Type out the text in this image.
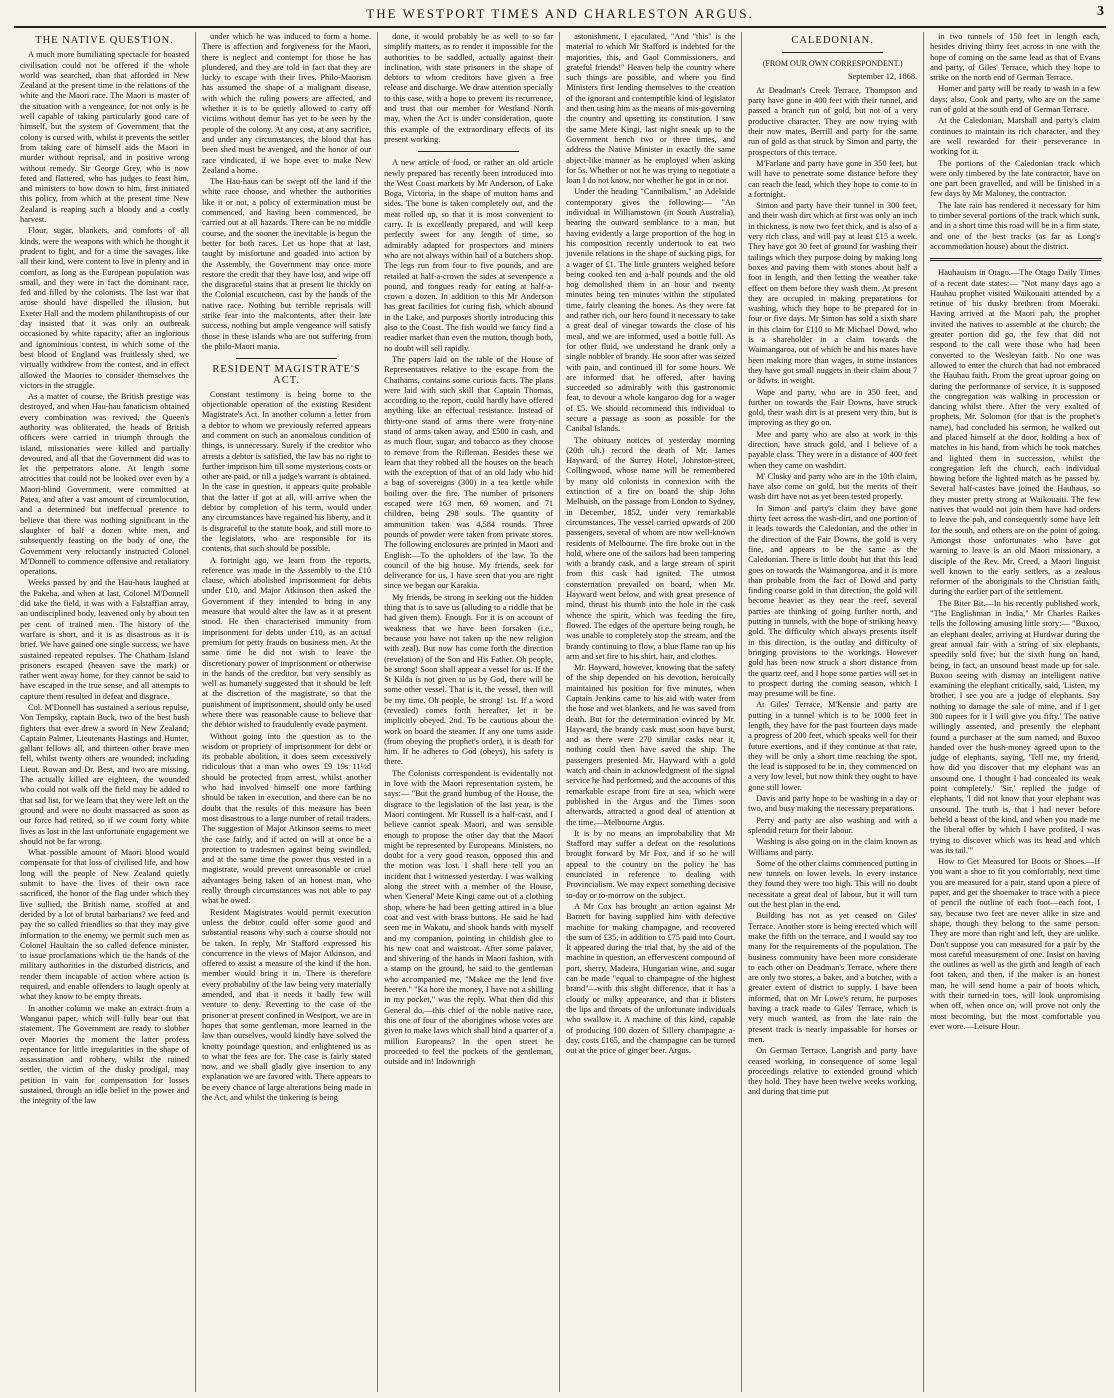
THE WESTPORT TIMES AND CHARLESTON ARGUS.	3
THE NATIVE QUESTION.

A much more humiliating spectacle for boasted civilisation could not be offered if the whole world was searched, than that afforded in New Zealand at the present time in the relations of the white and the Maori race. The Maori is master of the situation with a vengeance, for not only is he well capable of taking particularly good care of himself, but the system of Government that the colony is cursed with, whilst it prevents the settler from taking care of himself aids the Maori in murder without reprisal, and in positive wrong without remedy. Sir George Grey, who is now feted and flattered, who has judges to feast him, and ministers to bow down to him, first initiated this policy, from which at the present time New Zealand is reaping such a bloody and a costly harvest.

Flour, sugar, blankets, and comforts of all kinds, were the weapons with which he thought it prudent to fight, and for a time the savages, like all their kind, were content to live in plenty and in comfort, as long as the European population was small, and they were in fact the dominant race, fed and filled by the colonists. The last war that arose should have dispelled the illusion, but Exeter Hall and the modern philanthropists of our day insisted that it was only an outbreak occasioned by white rapacity; after an inglorious and ignominious contest, in which some of the best blood of England was fruitlessly shed, we virtually withdrew from the contest, and in effect allowed the Maories to consider themselves the victors in the struggle.

As a matter of course, the British prestige was destroyed, and when Hau-hau fanaticism obtained every combination was revived, the Queen's authority was obliterated, the heads of British officers were carried in triumph through the island, missionaries were killed and partially devoured, and all that the Government did was to let the perpetrators alone. At length some atrocities that could not be looked over even by a Maori-blind Government, were committed at Patea, and after a vast amount of circumlocution, and a determined but ineffectual pretence to believe that there was nothing significant in the slaughter of half a dozen white men, and subsequently feasting on the body of one, the Government very reluctantly instructed Colonel M'Donnell to commence offensive and retaliatory operations.

Weeks passed by and the Hau-haus laughed at the Pakeha, and when at last, Colonel M'Donnell did take the field, it was with a Falstaffian array, an undisciplined body, leavened only by about ten per cent. of trained men. The history of the warfare is short, and it is as disastrous as it is brief. We have gained one single success, we have sustained repeated repulses. The Chatham Island prisoners escaped (heaven save the mark) or rather went away home, for they cannot be said to have escaped in the true sense, and all attempts to capture them resulted in defeat and disgrace.

Col. M'Donnell has sustained a serious repulse, Von Tempsky, captain Buck, two of the best bush fighters that ever drew a sword in New Zealand; Captain Palmer, Lieutenants Hastings and Hunter, gallant fellows all, and thirteen other brave men fell, whilst twenty others are wounded; including Lieut. Rowan and Dr. Best, and two are missing. The actually killed are eighteen, the wounded who could not walk off the field may be added to that sad list, for we learn that they were left on the ground and were no doubt massacred as soon as our force had retired, so if we count forty white lives as lost in the last unfortunate engagement we should not be far wrong.

What possible amount of Maori blood would compensate for that loss of civilised life, and how long will the people of New Zealand quietly submit to have the lives of their own race sacrificed, the honor of the flag under which they live sullied, the British name, scoffed at and derided by a lot of brutal barbarians? we feed and pay the so called friendlies so that they may give information to the enemy, we permit such men as Colonel Haultain the so called defence minister, to issue proclamations which tie the hands of the military authorities in the disturbed districts, and render them incapable of action where action is required, and enable offenders to laugh openly at what they know to be empty threats.

In another column we make an extract from a Wanganui paper, which will fully bear out that statement. The Government are ready to slobber over Maories the moment the latter profess repentance for little irregularities in the shape of assassination and robbery, whilst the ruined settler, the victim of the dusky prodigal, may petition in vain for compensation for losses sustained, through an idle belief in the power and the integrity of the law

under which he was induced to form a home. There is affection and forgiveness for the Maori, there is neglect and contempt for those he has plundered, and they are told in fact that they are lucky to escape with their lives. Philo-Maorism has assumed the shape of a malignant disease, with which the ruling powers are affected, and whether it is to be quietly allowed to carry off victims without demur has yet to be seen by the people of the colony. At any cost, at any sacrifice, and under any circumstances, the blood that has been shed must be avenged, and the honor of our race vindicated, if we hope ever to make New Zealand a home.

The Hau-haus can be swept off the land if the white race choose, and whether the authorities like it or not, a policy of extermination must be commenced, and having been commenced, be carried out at all hazards. There can be no middle course, and the sooner the inevitable is begun the better for both races. Let us hope that at last, taught by misfortune and goaded into action by the Assembly, the Government may once more restore the credit that they have lost, and wipe off the disgraceful stains that at present lie thickly on the Colonial escutcheon, cast by the hands of the native race. Nothing but terrible reprisals will strike fear into the malcontents, after their late success, nothing but ample vengeance will satisfy those in these islands who are not suffering from the philo-Maori mania.

RESIDENT MAGISTRATE'S ACT.

Constant testimony is being borne to the objectionable operation of the existing Resident Magistrate's Act. In another column a letter from a debtor to whom we previously referred appears and comment on such an anomalous condition of things, is unnecessary. Surely if the creditor who arrests a debtor is satisfied, the law has no right to further imprison him till some mysterious costs or other are paid, or till a judge's warrant is obtained. In the case in question, it appears quite probable that the latter if got at all, will arrive when the debtor by completion of his term, would under any circumstances have regained his liberty, and it is disgraceful to the statute book, and still more to the legislators, who are responsible for its contents, that such should be possible.

A fortnight ago, we learn from the reports, reference was made in the Assembly to the £10 clause, which abolished imprisonment for debts under £10, and Major Atkinson then asked the Government if they intended to bring in any measure that would alter the law as it at present stood. He then characterised immunity from imprisonment for debts under £10, as an actual premium for petty frauds on business men. At the same time he did not wish to leave the discretionary power of imprisonment or otherwise in the hands of the creditor, but very sensibly as well as humanely suggested that it should be left at the discretion of the magistrate, so that the punishment of imprisonment, should only be used where there was reasonable cause to believe that the debtor wished to fraudulently evade payment.

Without going into the question as to the wisdom or propriety of imprisonment for debt or its probable abolition, it does seem excessively ridiculous that a man who owes £9 19s 11½d should be protected from arrest, whilst another who had involved himself one more farthing should be taken in execution, and there can be no doubt that the results of this measure has been most disastrous to a large number of retail traders. The suggestion of Major Atkinson seems to meet the case fairly, and if acted on will at once be a protection to tradesmen against being swindled, and at the same time the power thus vested in a magistrate, would prevent unreasonable or cruel advantages being taken of an honest man, who really through circumstances was not able to pay what he owed.

Resident Magistrates would permit execution unless the debtor could offer some good and substantial reasons why such a course should not be taken. In reply, Mr Stafford expressed his concurrence in the views of Major Atkinson, and offered to assist a measure of the kind if the hon. member would bring it in. There is therefore every probability of the law being very materially amended, and that it needs it badly few will venture to deny. Reverting to the case of the prisoner at present confined in Westport, we are in hopes that some gentleman, more learned in the law than ourselves, would kindly have solved the knotty poundage question, and enlightened us as to what the fees are for. The case is fairly stated now, and we shall gladly give insertion to any explanation we are favored with. There appears to be every chance of large alterations being made in the Act, and whilst the tinkering is being

done, it would probably be as well to so far simplify matters, as to render it impossible for the authorities to be saddled, actually against their inclination, with state prisoners in the shape of debtors to whom creditors have given a free release and discharge. We draw attention specially to this case, with a hope to prevent its recurrence, and trust that our member for Westland North may, when the Act is under consideration, quote this example of the extraordinary effects of its present working.

A new article of food, or rather an old article newly prepared has recently been introduced into the West Coast markets by Mr Anderson, of Lake Boga, Victoria, in the shape of mutton hams and sides. The bone is taken completely out, and the meat rolled up, so that it is most convenient to carry. It is excellently prepared, and will keep perfectly sweet for any length of time, so admirably adapted for prospectors and miners who are not always within hail of a butchers shop. The legs run from four to five pounds, and are retailed at half-a-crown the sides at sevenpence a pound, and tongues ready for eating at half-a-crown a dozen. In addition to this Mr Anderson has great facilities for curing fish, which abound in the Lake, and purposes shortly introducing this also to the Coast. The fish would we fancy find a readier market than even the mutton, though both, no doubt will sell rapidly.

The papers laid on the table of the House of Representatives relative to the escape from the Chathams, contains some curious facts. The plans were laid with such skill that Captain Thomas, according to the report, could hardly have offered anything like an effectual resistance. Instead of thirty-one stand of arms there were froty-nine stand of arms taken away, and £500 in cash, and as much flour, sugar, and tobacco as they choose to remove from the Rifleman. Besides these we learn that they robbed all the houses on the beach with the exception of that of an old lady who hid a bag of sovereigns (300) in a tea kettle while boiling over the fire. The number of prisoners escaped were 163 men, 69 women, and 71 children, being 298 souls. The quantity of ammunition taken was 4,584 rounds. Three pounds of powder were taken from private stores. The following enclosures are printed in Maori and English:—To the upholders of the law. To the council of the big house. My friends, seek for deliverance for us, I have seen that you are right since we began our Karakia.

My friends, be strong in seeking out the hidden thing that is to save us (alluding to a riddle that he had given them). Enough. For it is on account of weakness that we have been forsaken (i.e., because you have not taken up the new religion with zeal). But now has come forth the direction (revelation) of the Son and His Father. Oh people, be strong! Soon shall appear a vessel for us. If the St Kilda is not given to us by God, there will be some other vessel. That is it, the vessel, then will be my time. Oh people, be strong! 1st. If a word (revealed) comes forth hereafter, let it be implicitly obeyed. 2nd. To be cautious about the work on board the steamer. If any one turns aside (from obeying the prophet's order), it is death for him. If he adheres to God (obeys), his safety is there.

The Colonists correspondent is evidentally not in love with the Maori representation system, he says:— "But the grand humbug of the House, the disgrace to the legislation of the last year, is the Maori contingent. Mr Russell is a half-cast, and I believe cannot speak Maori, and was sensible enough to propose the other day that the Maori might be represented by Europeans. Ministers, no doubt for a very good reason, opposed this and the motion was lost. I shall here tell you an incident that I witnessed yesterday. I was walking along the street with a member of the House, when 'General' Mete Kingi came out of a clothing shop, where he had been getting attired in a blue coat and vest with brass buttons. He said he had seen me in Wakatu, and shook hands with myself and my companion, pointing in childish glee to his new coat and waistcoat. After some palaver, and shivering of the hands in Maori fashion, with a stamp on the ground, he said to the gentleman who accompanied me, "Makee me the lend five heeren." "Ka hore the money, I have not a shilling in my pocket," was the reply. What then did this General do,—this chief of the noble native race, this one of four of the aborigines whose votes are given to make laws which shall bind a quarter of a million Europeans? In the open street he proceeded to feel the pockets of the gentleman, outside and in! Indownrigh

astonishment, I ejaculated, "And "this" is the material to which Mr Stafford is indebted for the majorities, this, and Gaol Commissioners, and grateful friends!" Heaven help the country where such things are possible, and where you find Ministers first lending themselves to the creation of the ignorant and contemptible kind of legislator and then using him as the means of mis-governing the country and upsetting its constitution. I saw the same Mete Kingi, last night sneak up to the Government bench two or three times, and address the Native Minister in exactly the same abject-like manner as he employed when asking for 5s. Whether or not he was trying to negotiate a loan I do not know, nor whether he got in or not.

Under the heading "Cannibalism," an Adelaide contemporary gives the following:— "An individual in Williamstown (in South Australia), bearing the outward semblance to a man, but having evidently a large proportion of the hog in his composition recently undertook to eat two juvenile relations in the shape of sucking pigs, for a wager of £1. The little grunters weighed before being cooked ten and a-half pounds and the old hog demolished them in an hour and twenty minutes being ten minutes within the stipulated time, fairly cleaning the bones. As they were fat and rather rich, our hero found it necessary to take a great deal of vinegar towards the close of his meal, and we are informed, used a bottle full. As for other fluid, we understand he drank only a single nobbler of brandy. He soon after was seized with pain, and continued ill for some hours. We are informed that he offered, after having succeeded so admirably with this gastronomic feat, to devour a whole kangaroo dog for a wager of £5. We should recommend this individual to secure a passage as soon as possible for the Canibal Islands.

The obituary notices of yesterday morning (20th ult.) record the death of Mr. James Hayward, of the Surrey Hotel, Johnston-street, Collingwood, whose name will be remembered by many old colonists in connexion with the extinction of a fire on board the ship John Melhuish, on the passage from London to Sydney, in December, 1852, under very remarkable circumstances. The vessel carried upwards of 200 passengers, several of whom are now well-known residents of Melbourne. The fire broke out in the hold, where one of the sailors had been tampering with a brandy cask, and a large stream of spirit from this cask had ignited. The utmost consternation prevailed on board, when Mr. Hayward went below, and with great presence of mind, thrust his thumb into the hole in the cask whence the spirit, which was feeding the fire, flowed. The edges of the aperture being rough, he was unable to completely stop the stream, and the brandy continuing to flow, a blue flame ran up his arm and set fire to his shirt, hair, and clothes.

Mr. Hayward, however, knowing that the safety of the ship depended on his devotion, heroically maintained his position for five minutes, when Captain Jenkins came to his aid with water from the hose and wet blankets, and he was saved from death. But for the determination evinced by Mr. Hayward, the brandy cask must soon have burst, and as there were 270 similar casks near it, nothing could then have saved the ship. The passengers presented Mr. Hayward with a gold watch and chain in acknowledgment of the signal service he had performed; and the accounts of this remarkable escape from fire at sea, which were published in the Argus and the Times soon afterwards, attracted a good deal of attention at the time.—Melbourne Argus.

It is by no means an improbability that Mr Stafford may suffer a defeat on the resolutions brought forward by Mr Fox, and if so he will appeal to the country on the policy he has enunciated in reference to dealing with Provincialism. We may expect something decisive to-day or to-morrow on the subject.

A Mr Cox has brought an action against Mr Barnett for having supplied him with defective machine for making champagne, and recovered the sum of £35, in addition to £75 paid into Court. It appeared during the trial that, by the aid of the machine in question, an effervescent compound of port, sherry, Madeira, Hungarian wine, and sugar can be made "equal to champagne of the highest brand"—with this slight difference, that it has a cloudy or milky appearance, and that it blisters the lips and throats of the unfortunate individuals who swallow it. A machine of this kind, capable of producing 100 dozen of Sillery champagne a-day, costs £165, and the champagne can be turned out at the price of ginger beer. Argus.

CALEDONIAN.

(FROM OUR OWN CORRESPONDENT.)

September 12, 1868.

At Deadman's Creek Terrace, Thompson and party have gone in 400 feet with their tunnel, and passed a branch run of gold, but not of a very productive character. They are now trying with their now mates, Berrill and party for the same run of gold as that struck by Simon and party, the prospectors of this terrace.

M'Farlane and party have gone in 350 feet, but will have to penetrate some distance before they can reach the lead, which they hope to come to in a fortnight.

Simon and party have their tunnel in 300 feet, and their wash dirt which at first was only an inch in thickness, is now two feet thick, and is also of a very rich class, and will pay at least £15 a week. They have got 30 feet of ground for washing their tailings which they purpose doing by making long boxes and paving them with stones about half a foot in length, and then letting the weather take effect on them before they wash them. At present they are occupied in making preparations for washing, which they hope to be prepared for in four or five days. Mr Simon has sold a sixth share in this claim for £110 to Mr Michael Dowd, who is a shareholder in a claim towards the Waimangaroa, out of which he and his mates have been making more than wages, in some instances they have got small nuggets in their claim about 7 or 8dwts. in weight.

Wape and party, who are in 350 feet, and further on towards the Fair Downs, have struck gold, their wash dirt is at present very thin, but is improving as they go on.

Mee and party who are also at work in this direction, have struck gold, and I believe of a payable class. They were in a distance of 400 feet when they came on washdirt.

M' Clusky and party who are in the 10th claim, have also come on gold, but the merits of their wash dirt have not as yet been tested properly.

In Simon and party's claim they have gone thirty feet across the wash-dirt, and one portion of it leads towards the Caledonian, and the other in the direction of the Fair Downs, the gold is very fine, and appears to be the same as the Caledonian. There is little doubt but that this lead goes on towards the Waimangoroa, and it is more than probable from the fact of Dowd and party finding coarse gold in that direction, the gold will become heavier as they near the reef, several parties are thinking of going further north, and putting in tunnels, with the hope of striking heavy gold. The difficulty which always presents itself in this direction, is the outlay and difficulty of bringing provisions to the workings. However gold has been now struck a short distance from the quartz reef, and I hope some parties will set in to prospect during the coming season, which I may presume will be fine.

At Giles' Terrace, M'Kensie and party are putting in a tunnel which is to be 1000 feet in length, they have for the past fourteen days made a progress of 200 feet, which speaks well for their future exertions, and if they continue at that rate, they will be only a short time reaching the spot, the lead is supposed to be in, they commenced on a very low level, but now think they ought to have gone still lower.

Davis and party hope to be washing in a day or two, and busy making the necessary preparations.

Perry and party are also washing and with a splendid return for their labour.

Washing is also going on in the claim known as Williams and party.

Some of the other claims commenced putting in new tunnels on lower levels. In every instance they found they were too high. This will no doubt necessitate a great deal of labour, but it will turn out the best plan in the end.

Building has not as yet ceased on Giles' Terrace. Another store is being erected which will make the fifth on the terrace, and I would say too many for the requirements of the population. The business community have been more considerate to each other on Deadman's Terrace, where there are only two stores, a baker, and a butcher, with a greater extent of district to supply. I have been informed, that on Mr Lowe's return, he purposes having a track made to Giles' Terrace, which is very much wanted, as from the late rain the present track is nearly impassable for horses or men.

On German Terrace, Langrish and party have ceased working, in consequence of some legal proceedings relative to extended ground which they hold. They have been twelve weeks working, and during that time put

in two tunnels of 150 feet in length each, besides driving thirty feet across in one with the hope of coming on the same lead as that of Evans and party, of Giles' Terrace, which they hope to strike on the north end of German Terrace.

Homer and party will be ready to wash in a few days; also, Cook and party, who are on the same run of gold at the south end of German Terrace.

At the Caledonian, Marshall and party's claim continues to maintain its rich character, and they are well rewarded for their perseverance in working for it.

The portions of the Caledonian track which were only timbered by the late contractor, have on one part been gravelled, and will be finished in a few days by Mr Maloney, the contractor.

The late rain has rendered it necessary for him to timber several portions of the track which sunk, and in a short time this road will be in a firm state, and one of the best tracks (as far as Long's accommodation house) about the district.

Hauhauism in Otago.—The Otago Daily Times of a recent date states:— "Not many days ago a Hauhau prophet visited Waikouaiti attended by a retinue of his dusky brethren from Moeraki. Having arrived at the Maori pah, the prophet invited the natives to assemble at the church; the greater portion did go, the few that did not respond to the call were those who had been converted to the Wesleyan faith. No one was allowed to enter the church that had not embraced the Hauhau faith. From the great uproar going on during the performance of service, it is supposed the congregation was walking in procession or dancing whilst there. After the very exalted of prophets, Mr. Solomon (for that is the prophet's name), had concluded his sermon, he walked out and placed himself at the door, holding a box of matches in his hand, from which he took matches and lighted them in succession, whilst the congregation left the church, each individual bowing before the lighted match as he passed by. Several half-castes have joined the Hauhaus, so they muster pretty strong at Waikouaiti. The few natives that would not join them have had orders to leave the pah, and consequently some have left for the south, and others are on the point of going. Amongst those unfortunates who have got warning to leave is an old Maori missionary, a disciple of the Rev. Mr. Creed, a Maori linguist well known to the early settlers, as a zealous reformer of the aboriginals to the Christian faith, during the earlier part of the settlement.

The Biter Bit.—In his recently published work, "The Englishman in India," Mr Charles Raikes tells the following amusing little story:— "Buxoo, an elephant dealer, arriving at Hurdwar during the great annual fair with a string of six elephants, speedily sold five; but the sixth hung on hand, being, in fact, an unsound beast made up for sale. Buxoo seeing with dismay an intelligent native examining the elephant critically, said, 'Listen, my brother, I see you are a judge of elephants. Say nothing to damage the sale of mine, and if I get 300 rupees for it I will give you fifty.' The native willingly assented, and presently the elephant found a purchaser at the sum named, and Buxoo handed over the hush-money agreed upon to the judge of elephants, saying, 'Tell me, my friend, how did you discover that my elephant was an unsound one. I thought I had concealed its weak point completely.' 'Sir,' replied the judge of elephants, 'I did not know that your elephant was unsound. The truth is, that I had never before beheld a beast of the kind, and when you made me the liberal offer by which I have profited, I was trying to discover which was its head and which was its tail.'"

How to Get Measured for Boots or Shoes.—If you want a shoe to fit you comfortably, next time you are measured for a pair, stand upon a piece of paper, and get the shoemaker to trace with a piece of pencil the outline of each foot—each foot, I say, because two feet are never alike in size and shape, though they belong to the same person. They are more than right and left, they are unlike. Don't suppose you can measured for a pair by the most careful measurement of one. Insist on having the outlines as well as the girth and length of each foot taken, and then, if the maker is an honest man, he will send home a pair of boots which, with their turned-in toes, will look unpromising when off, when once on, will prove not only the most becoming, but the most comfortable you ever wore.—Leisure Hour.
